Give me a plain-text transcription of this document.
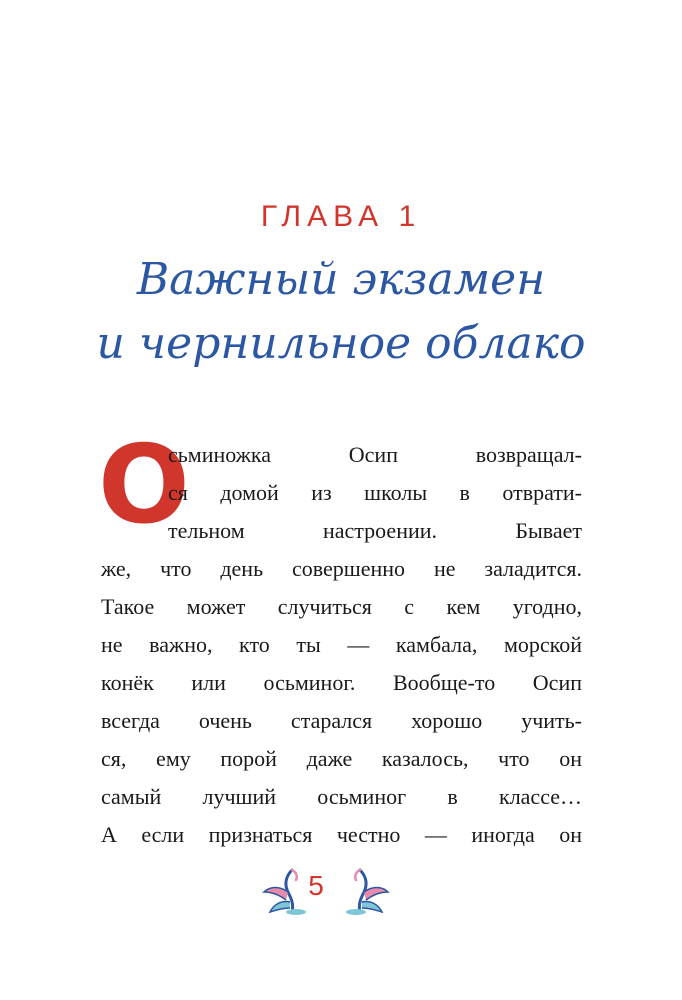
ГЛАВА 1
Важный экзамен
и чернильное облако
О
сьминожка Осип возвращал-
ся домой из школы в отврати-
тельном настроении. Бывает
же, что день совершенно не заладится.
Такое может случиться с кем угодно,
не важно, кто ты — камбала, морской
конёк или осьминог. Вообще-то Осип
всегда очень старался хорошо учить-
ся, ему порой даже казалось, что он
самый лучший осьминог в классе…
А если признаться честно — иногда он
5
